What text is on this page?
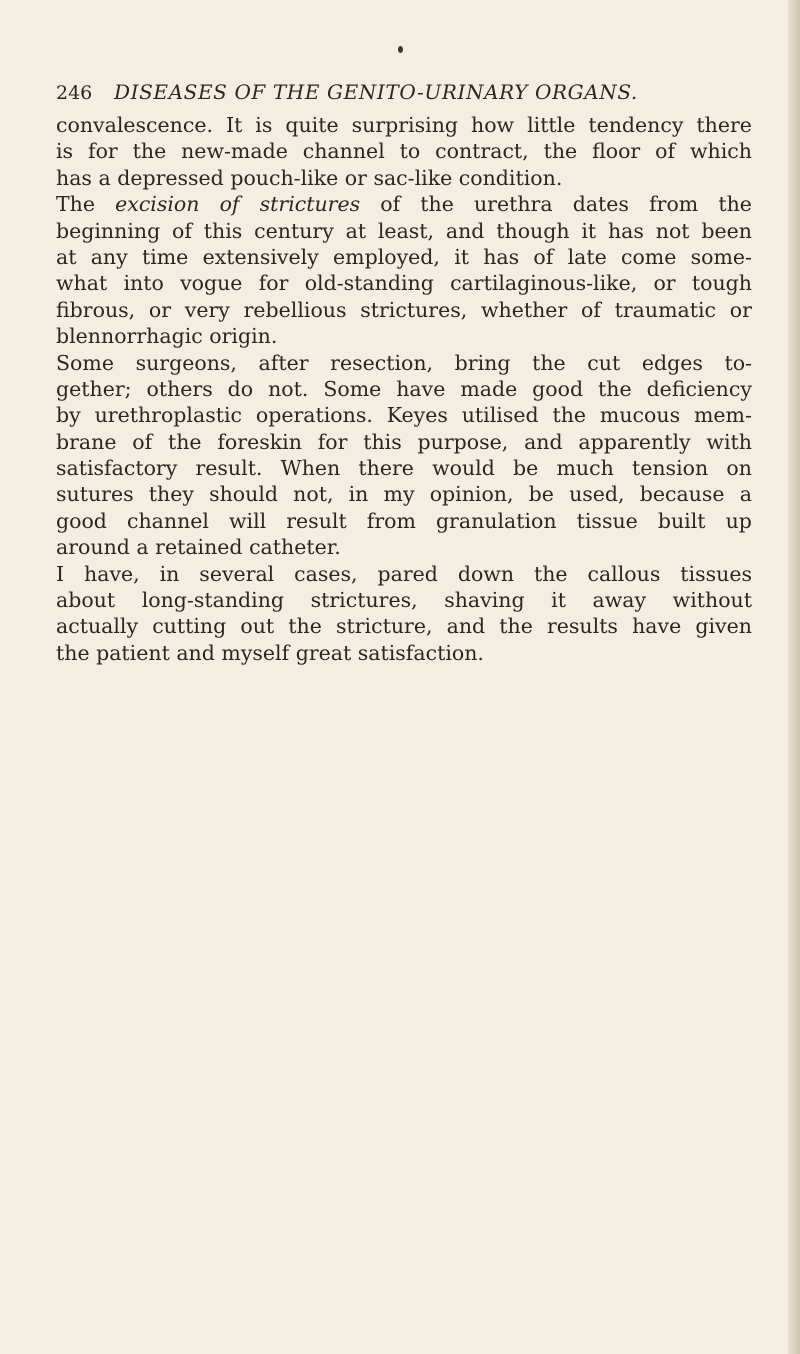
246 DISEASES OF THE GENITO-URINARY ORGANS.
convalescence. It is quite surprising how little tendency there
is for the new-made channel to contract, the floor of which
has a depressed pouch-like or sac-like condition.
The excision of strictures of the urethra dates from the
beginning of this century at least, and though it has not been
at any time extensively employed, it has of late come some-
what into vogue for old-standing cartilaginous-like, or tough
fibrous, or very rebellious strictures, whether of traumatic or
blennorrhagic origin.
Some surgeons, after resection, bring the cut edges to-
gether; others do not. Some have made good the deficiency
by urethroplastic operations. Keyes utilised the mucous mem-
brane of the foreskin for this purpose, and apparently with
satisfactory result. When there would be much tension on
sutures they should not, in my opinion, be used, because a
good channel will result from granulation tissue built up
around a retained catheter.
I have, in several cases, pared down the callous tissues
about long-standing strictures, shaving it away without
actually cutting out the stricture, and the results have given
the patient and myself great satisfaction.
